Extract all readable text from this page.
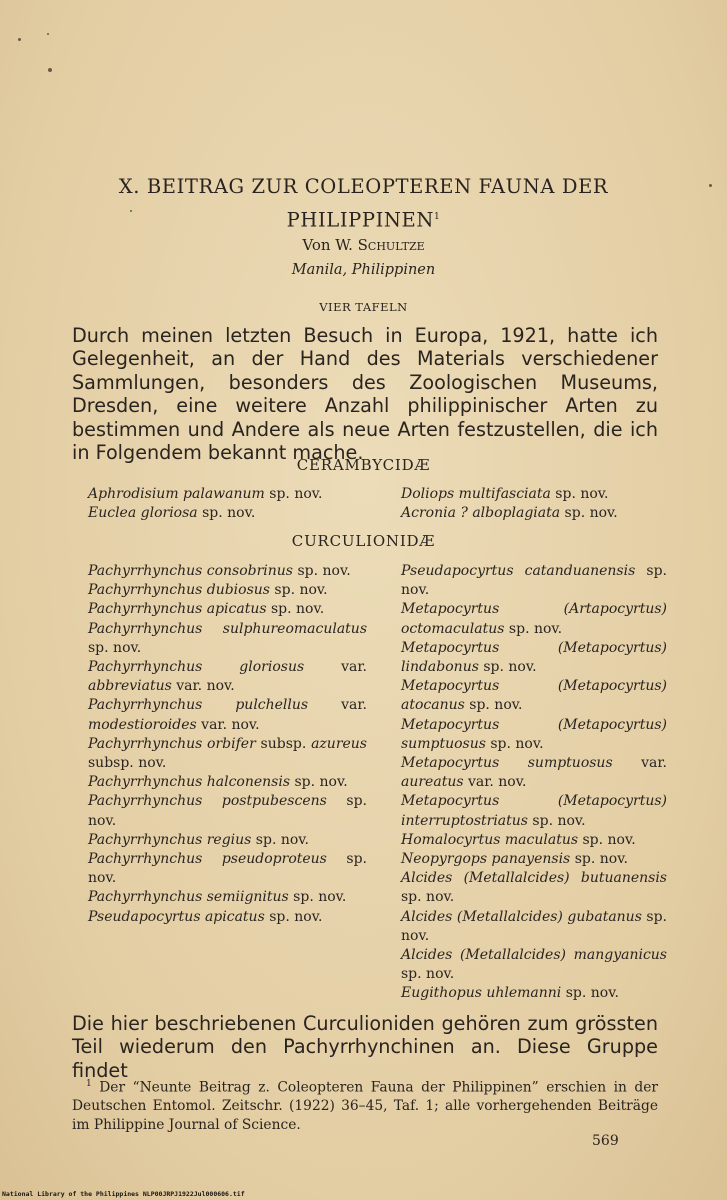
X. BEITRAG ZUR COLEOPTEREN FAUNA DER
PHILIPPINEN$^1$
Von W. Schultze
Manila, Philippinen
VIER TAFELN
Durch meinen letzten Besuch in Europa, 1921, hatte ich Gelegenheit, an der Hand des Materials verschiedener Sammlungen, besonders des Zoologischen Museums, Dresden, eine weitere Anzahl philippinischer Arten zu bestimmen und Andere als neue Arten festzustellen, die ich in Folgendem bekannt mache.
CERAMBYCIDÆ

Aphrodisium palawanum sp. nov.

Euclea gloriosa sp. nov.

Doliops multifasciata sp. nov.

Acronia ? alboplagiata sp. nov.

CURCULIONIDÆ

Pachyrrhynchus consobrinus sp. nov.

Pachyrrhynchus dubiosus sp. nov.

Pachyrrhynchus apicatus sp. nov.

Pachyrrhynchus sulphureomaculatus sp. nov.

Pachyrrhynchus gloriosus var. abbreviatus var. nov.

Pachyrrhynchus pulchellus var. modestioroides var. nov.

Pachyrrhynchus orbifer subsp. azureus subsp. nov.

Pachyrrhynchus halconensis sp. nov.

Pachyrrhynchus postpubescens sp. nov.

Pachyrrhynchus regius sp. nov.

Pachyrrhynchus pseudoproteus sp. nov.

Pachyrrhynchus semiignitus sp. nov.

Pseudapocyrtus apicatus sp. nov.

Pseudapocyrtus catanduanensis sp. nov.

Metapocyrtus (Artapocyrtus) octomaculatus sp. nov.

Metapocyrtus (Metapocyrtus) lindabonus sp. nov.

Metapocyrtus (Metapocyrtus) atocanus sp. nov.

Metapocyrtus (Metapocyrtus) sumptuosus sp. nov.

Metapocyrtus sumptuosus var. aureatus var. nov.

Metapocyrtus (Metapocyrtus) interruptostriatus sp. nov.

Homalocyrtus maculatus sp. nov.

Neopyrgops panayensis sp. nov.

Alcides (Metallalcides) butuanensis sp. nov.

Alcides (Metallalcides) gubatanus sp. nov.

Alcides (Metallalcides) mangyanicus sp. nov.

Eugithopus uhlemanni sp. nov.

Die hier beschriebenen Curculioniden gehören zum grössten Teil wiederum den Pachyrrhynchinen an. Diese Gruppe findet
$^1$ Der “Neunte Beitrag z. Coleopteren Fauna der Philippinen” erschien in der Deutschen Entomol. Zeitschr. (1922) 36–45, Taf. 1; alle vorhergehenden Beiträge im Philippine Journal of Science.
569
National Library of the Philippines NLP00JRPJ1922Jul000606.tif
